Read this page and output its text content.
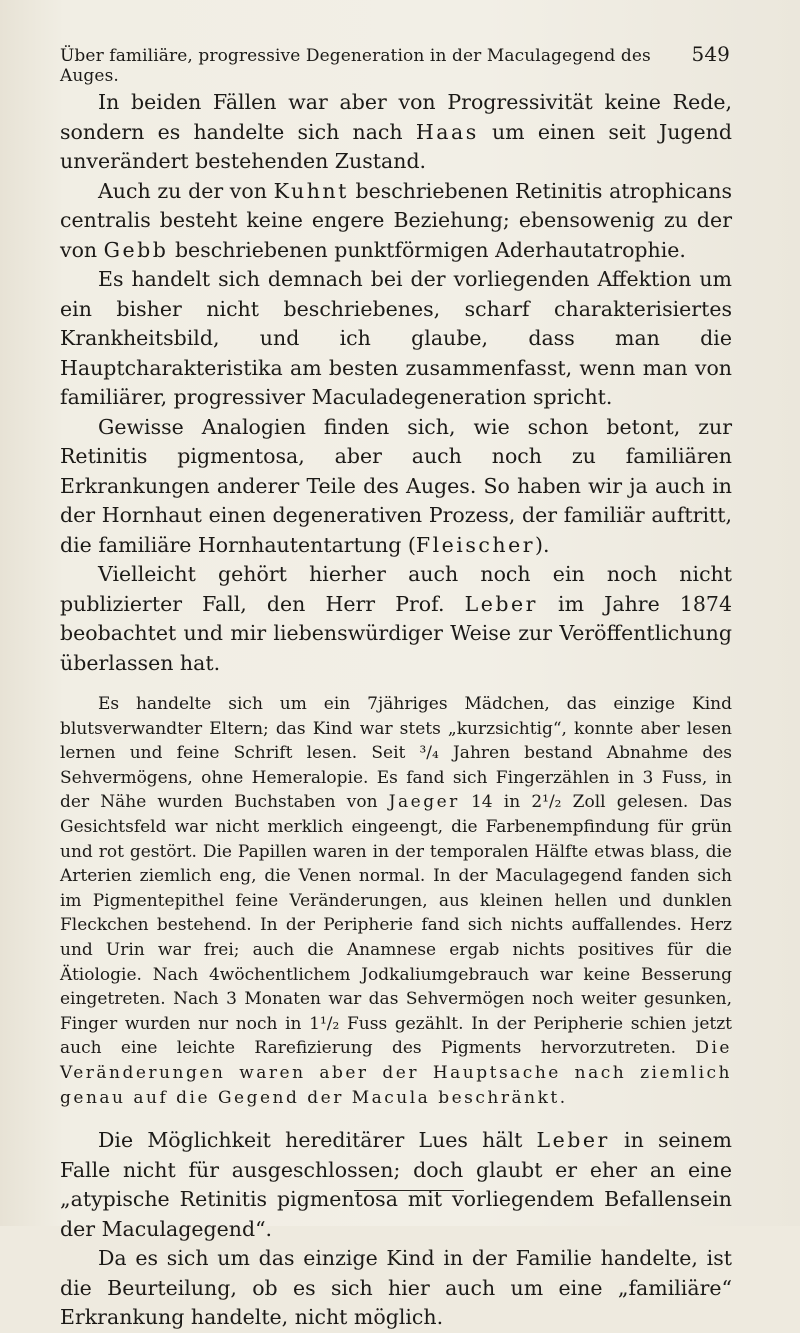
Über familiäre, progressive Degeneration in der Maculagegend des Auges.
549

In beiden Fällen war aber von Progressivität keine Rede, sondern es handelte sich nach Haas um einen seit Jugend unverändert bestehenden Zustand.

Auch zu der von Kuhnt beschriebenen Retinitis atrophicans centralis besteht keine engere Beziehung; ebensowenig zu der von Gebb beschriebenen punktförmigen Aderhautatrophie.

Es handelt sich demnach bei der vorliegenden Affektion um ein bisher nicht beschriebenes, scharf charakterisiertes Krankheitsbild, und ich glaube, dass man die Hauptcharakteristika am besten zusammenfasst, wenn man von familiärer, progressiver Maculadegeneration spricht.

Gewisse Analogien finden sich, wie schon betont, zur Retinitis pigmentosa, aber auch noch zu familiären Erkrankungen anderer Teile des Auges. So haben wir ja auch in der Hornhaut einen degenerativen Prozess, der familiär auftritt, die familiäre Hornhautentartung (Fleischer).

Vielleicht gehört hierher auch noch ein noch nicht publizierter Fall, den Herr Prof. Leber im Jahre 1874 beobachtet und mir liebenswürdiger Weise zur Veröffentlichung überlassen hat.

Es handelte sich um ein 7jähriges Mädchen, das einzige Kind blutsverwandter Eltern; das Kind war stets „kurzsichtig“, konnte aber lesen lernen und feine Schrift lesen. Seit ³/₄ Jahren bestand Abnahme des Sehvermögens, ohne Hemeralopie. Es fand sich Fingerzählen in 3 Fuss, in der Nähe wurden Buchstaben von Jaeger 14 in 2¹/₂ Zoll gelesen. Das Gesichtsfeld war nicht merklich eingeengt, die Farbenempfindung für grün und rot gestört. Die Papillen waren in der temporalen Hälfte etwas blass, die Arterien ziemlich eng, die Venen normal. In der Maculagegend fanden sich im Pigmentepithel feine Veränderungen, aus kleinen hellen und dunklen Fleckchen bestehend. In der Peripherie fand sich nichts auffallendes. Herz und Urin war frei; auch die Anamnese ergab nichts positives für die Ätiologie. Nach 4wöchentlichem Jodkaliumgebrauch war keine Besserung eingetreten. Nach 3 Monaten war das Sehvermögen noch weiter gesunken, Finger wurden nur noch in 1¹/₂ Fuss gezählt. In der Peripherie schien jetzt auch eine leichte Rarefizierung des Pigments hervorzutreten. Die Veränderungen waren aber der Hauptsache nach ziemlich genau auf die Gegend der Macula beschränkt.

Die Möglichkeit hereditärer Lues hält Leber in seinem Falle nicht für ausgeschlossen; doch glaubt er eher an eine „atypische Retinitis pigmentosa mit vorliegendem Befallensein der Maculagegend“.

Da es sich um das einzige Kind in der Familie handelte, ist die Beurteilung, ob es sich hier auch um eine „familiäre“ Erkrankung handelte, nicht möglich.
